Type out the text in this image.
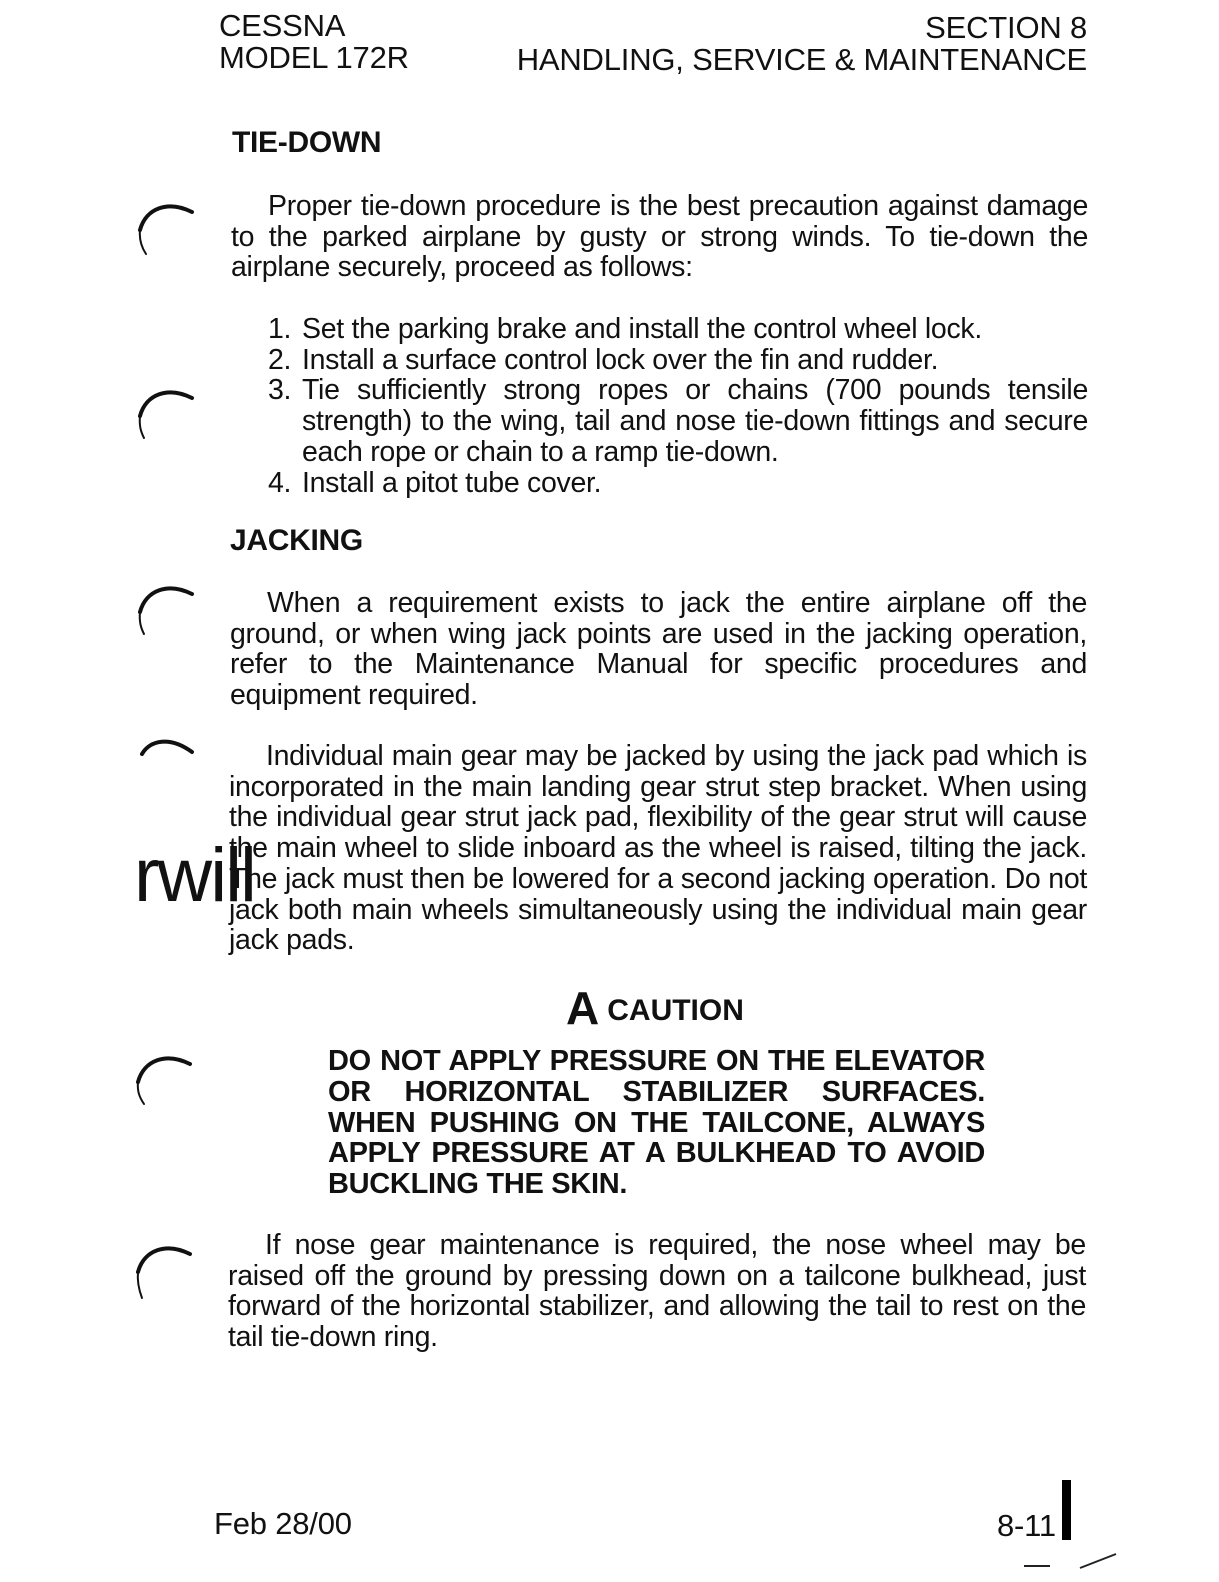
CESSNA
MODEL 172R
SECTION 8
HANDLING, SERVICE & MAINTENANCE
TIE-DOWN
Proper tie-down procedure is the best precaution against damage to the parked airplane by gusty or strong winds. To tie-down the airplane securely, proceed as follows:
1. Set the parking brake and install the control wheel lock.
2. Install a surface control lock over the fin and rudder.
3. Tie sufficiently strong ropes or chains (700 pounds tensile strength) to the wing, tail and nose tie-down fittings and secure each rope or chain to a ramp tie-down.
4. Install a pitot tube cover.
JACKING
When a requirement exists to jack the entire airplane off the ground, or when wing jack points are used in the jacking operation, refer to the Maintenance Manual for specific procedures and equipment required.
Individual main gear may be jacked by using the jack pad which is incorporated in the main landing gear strut step bracket. When using the individual gear strut jack pad, flexibility of the gear strut will cause the main wheel to slide inboard as the wheel is raised, tilting the jack. The jack must then be lowered for a second jacking operation. Do not jack both main wheels simultaneously using the individual main gear jack pads.
rwill
A CAUTION
DO NOT APPLY PRESSURE ON THE ELEVATOR OR HORIZONTAL STABILIZER SURFACES. WHEN PUSHING ON THE TAILCONE, ALWAYS APPLY PRESSURE AT A BULKHEAD TO AVOID BUCKLING THE SKIN.
If nose gear maintenance is required, the nose wheel may be raised off the ground by pressing down on a tailcone bulkhead, just forward of the horizontal stabilizer, and allowing the tail to rest on the tail tie-down ring.
Feb 28/00	8-11
